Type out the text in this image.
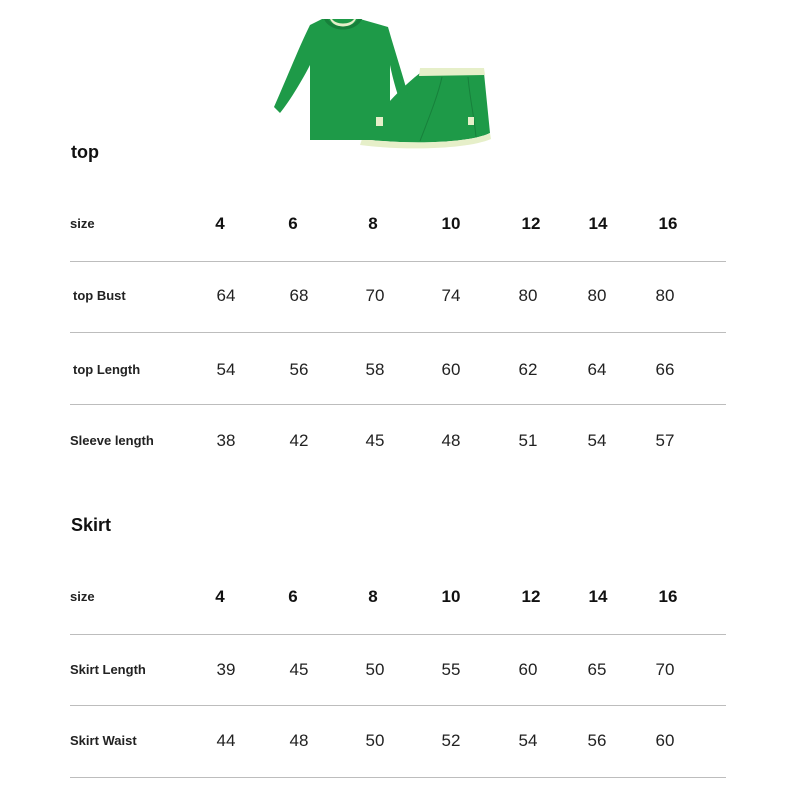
top
size	4	6	8	10	12	14	16
top Bust	64	68	70	74	80	80	80
top Length	54	56	58	60	62	64	66
Sleeve length	38	42	45	48	51	54	57
Skirt
size	4	6	8	10	12	14	16
Skirt Length	39	45	50	55	60	65	70
Skirt Waist	44	48	50	52	54	56	60
